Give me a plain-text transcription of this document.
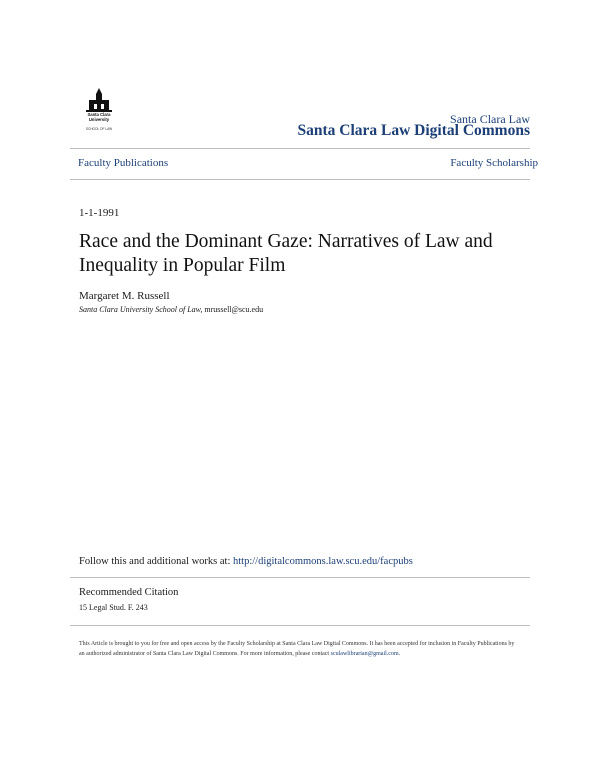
Santa Clara
University
SCHOOL OF LAW
Santa Clara Law
Santa Clara Law Digital Commons
Faculty Publications	Faculty Scholarship
1-1-1991
Race and the Dominant Gaze: Narratives of Law and Inequality in Popular Film
Margaret M. Russell
Santa Clara University School of Law, mrussell@scu.edu
Follow this and additional works at: http://digitalcommons.law.scu.edu/facpubs
Recommended Citation
15 Legal Stud. F. 243
This Article is brought to you for free and open access by the Faculty Scholarship at Santa Clara Law Digital Commons. It has been accepted for inclusion in Faculty Publications by an authorized administrator of Santa Clara Law Digital Commons. For more information, please contact sculawlibrarian@gmail.com.
